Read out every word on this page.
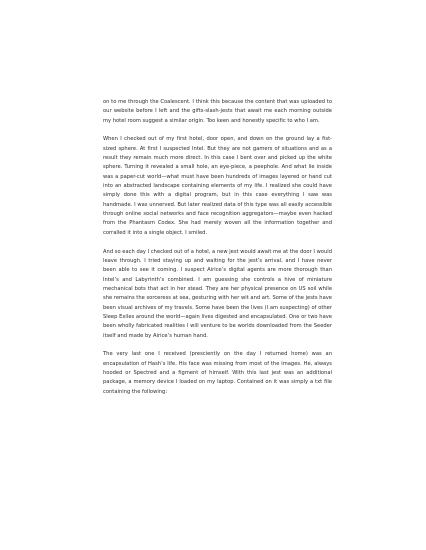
on to me through the Coalescent. I think this because the content that was uploaded to our website before I left and the gifts-slash-jests that await me each morning outside my hotel room suggest a similar origin. Too keen and honestly specific to who I am.

When I checked out of my first hotel, door open, and down on the ground lay a fist-sized sphere. At first I suspected Intel. But they are not gamers of situations and as a result they remain much more direct. In this case I bent over and picked up the white sphere. Turning it revealed a small hole, an eye-piece, a peephole. And what lie inside was a paper-cut world—what must have been hundreds of images layered or hand cut into an abstracted landscape containing elements of my life. I realized she could have simply done this with a digital program, but in this case everything I saw was handmade. I was unnerved. But later realized data of this type was all easily accessible through online social networks and face recognition aggregators—maybe even hacked from the Phantasm Codex. She had merely woven all the information together and corralled it into a single object. I smiled.

And so each day I checked out of a hotel, a new jest would await me at the door I would leave through. I tried staying up and waiting for the jest’s arrival, and I have never been able to see it coming. I suspect Airice’s digital agents are more thorough than Intel’s and Labyrinth’s combined. I am guessing she controls a hive of miniature mechanical bots that act in her stead. They are her physical presence on US soil while she remains the sorceress at sea, gesturing with her wit and art. Some of the jests have been visual archives of my travels. Some have been the lives (I am suspecting) of other Sleep Exiles around the world—again lives digested and encapsulated. One or two have been wholly fabricated realities I will venture to be worlds downloaded from the Seeder itself and made by Airice’s human hand.

The very last one I received (presciently on the day I returned home) was an encapsulation of Hash’s life. His face was missing from most of the images. He, always hooded or Spectred and a figment of himself. With this last jest was an additional package, a memory device I loaded on my laptop. Contained on it was simply a txt file containing the following:
